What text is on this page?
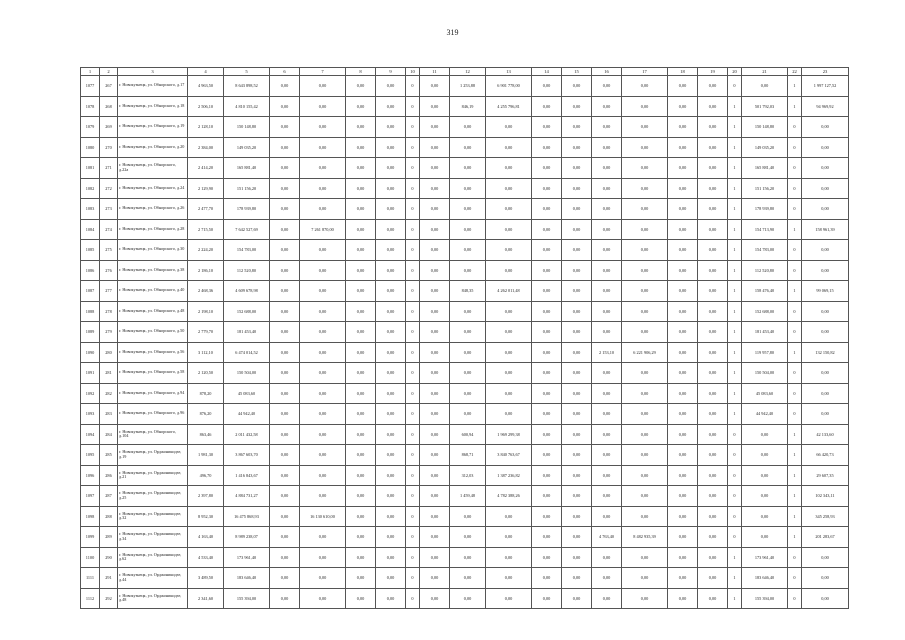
319
1	2	3	4	5	6	7	8	9	10	11	12	13	14	15	16	17	18	19	20	21	22	23
1077	267	г. Новокузнецк, ул. Обнорского, д.17	4 963,50	8 643 898,52	0,00	0,00	0,00	0,00	0	0,00	1 253,88	6 901 778,00	0,00	0,00	0,00	0,00	0,00	0,00	0	0,00	1	1 997 127,52
1078	268	г. Новокузнецк, ул. Обнорского, д.18	2 506,10	4 810 155,42	0,00	0,00	0,00	0,00	0	0,00	846,19	4 255 796,81	0,00	0,00	0,00	0,00	0,00	0,00	1	501 792,03	1	94 969,92
1079	269	г. Новокузнецк, ул. Обнорского, д.19	2 128,10	150 148,80	0,00	0,00	0,00	0,00	0	0,00	0,00	0,00	0,00	0,00	0,00	0,00	0,00	0,00	1	150 148,80	0	0,00
1080	270	г. Новокузнецк, ул. Обнорского, д.20	2 384,00	149 035,20	0,00	0,00	0,00	0,00	0	0,00	0,00	0,00	0,00	0,00	0,00	0,00	0,00	0,00	1	149 035,20	0	0,00
1081	271	г. Новокузнецк, ул. Обнорского, д.22а	2 414,20	165 881,40	0,00	0,00	0,00	0,00	0	0,00	0,00	0,00	0,00	0,00	0,00	0,00	0,00	0,00	1	165 881,40	0	0,00
1082	272	г. Новокузнецк, ул. Обнорского, д.24	2 129,90	151 156,20	0,00	0,00	0,00	0,00	0	0,00	0,00	0,00	0,00	0,00	0,00	0,00	0,00	0,00	1	151 156,20	0	0,00
1083	273	г. Новокузнецк, ул. Обнорского, д.26	2 477,70	178 939,80	0,00	0,00	0,00	0,00	0	0,00	0,00	0,00	0,00	0,00	0,00	0,00	0,00	0,00	1	178 939,80	0	0,00
1084	274	г. Новокузнецк, ул. Обнорского, д.28	2 715,50	7 642 527,69	0,00	7 261 870,00	0,00	0,00	0	0,00	0,00	0,00	0,00	0,00	0,00	0,00	0,00	0,00	1	154 713,90	1	158 961,39
1085	275	г. Новокузнецк, ул. Обнорского, д.30	2 224,20	154 783,00	0,00	0,00	0,00	0,00	0	0,00	0,00	0,00	0,00	0,00	0,00	0,00	0,00	0,00	1	154 783,00	0	0,00
1086	276	г. Новокузнецк, ул. Обнорского, д.38	2 186,10	112 520,80	0,00	0,00	0,00	0,00	0	0,00	0,00	0,00	0,00	0,00	0,00	0,00	0,00	0,00	1	112 520,80	0	0,00
1087	277	г. Новокузнецк, ул. Обнорского, д.40	2 468,36	4 609 678,98	0,00	0,00	0,00	0,00	0	0,00	848,35	4 262 011,48	0,00	0,00	0,00	0,00	0,00	0,00	1	158 476,40	1	99 069,15
1088	278	г. Новокузнецк, ул. Обнорского, д.48	2 198,10	152 688,00	0,00	0,00	0,00	0,00	0	0,00	0,00	0,00	0,00	0,00	0,00	0,00	0,00	0,00	1	152 688,00	0	0,00
1089	279	г. Новокузнецк, ул. Обнорского, д.50	2 779,70	181 453,40	0,00	0,00	0,00	0,00	0	0,00	0,00	0,00	0,00	0,00	0,00	0,00	0,00	0,00	1	181 453,40	0	0,00
1090	280	г. Новокузнецк, ул. Обнорского, д.56	3 112,10	6 474 014,52	0,00	0,00	0,00	0,00	0	0,00	0,00	0,00	0,00	0,00	2 153,10	6 221 906,29	0,00	0,00	1	119 957,80	1	132 150,82
1091	281	г. Новокузнецк, ул. Обнорского, д.58	2 120,50	150 504,00	0,00	0,00	0,00	0,00	0	0,00	0,00	0,00	0,00	0,00	0,00	0,00	0,00	0,00	1	150 504,00	0	0,00
1092	282	г. Новокузнецк, ул. Обнорского, д.94	878,20	45 083,60	0,00	0,00	0,00	0,00	0	0,00	0,00	0,00	0,00	0,00	0,00	0,00	0,00	0,00	1	45 083,60	0	0,00
1093	283	г. Новокузнецк, ул. Обнорского, д.96	876,20	44 942,40	0,00	0,00	0,00	0,00	0	0,00	0,00	0,00	0,00	0,00	0,00	0,00	0,00	0,00	1	44 942,40	0	0,00
1094	284	г. Новокузнецк, ул. Обнорского, д.104	863,46	2 011 432,58	0,00	0,00	0,00	0,00	0	0,00	600,94	1 969 299,38	0,00	0,00	0,00	0,00	0,00	0,00	0	0,00	1	42 133,60
1095	285	г. Новокузнецк, ул. Орджоникидзе, д.19	1 981,30	3 867 603,70	0,00	0,00	0,00	0,00	0	0,00	868,71	3 840 763,67	0,00	0,00	0,00	0,00	0,00	0,00	0	0,00	1	66 420,73
1096	286	г. Новокузнецк, ул. Орджоникидзе, д.21	496,70	1 416 843,67	0,00	0,00	0,00	0,00	0	0,00	312,03	1 387 236,82	0,00	0,00	0,00	0,00	0,00	0,00	0	0,00	1	29 607,35
1097	287	г. Новокузнецк, ул. Орджоникидзе, д.25	2 397,80	4 884 731,27	0,00	0,00	0,00	0,00	0	0,00	1 459,48	4 782 388,26	0,00	0,00	0,00	0,00	0,00	0,00	0	0,00	1	102 343,11
1098	288	г. Новокузнецк, ул. Орджоникидзе, д.32	8 952,30	16 475 868,93	0,00	16 130 610,00	0,00	0,00	0	0,00	0,00	0,00	0,00	0,00	0,00	0,00	0,00	0,00	0	0,00	1	345 258,93
1099	289	г. Новокузнецк, ул. Орджоникидзе, д.34	4 163,40	8 989 238,07	0,00	0,00	0,00	0,00	0	0,00	0,00	0,00	0,00	0,00	4 763,40	8 482 935,39	0,00	0,00	0	0,00	1	201 283,67
1100	290	г. Новокузнецк, ул. Орджоникидзе, д.62	4 533,40	173 961,40	0,00	0,00	0,00	0,00	0	0,00	0,00	0,00	0,00	0,00	0,00	0,00	0,00	0,00	1	173 961,40	0	0,00
1111	291	г. Новокузнецк, ул. Орджоникидзе, д.44	3 489,50	183 646,40	0,00	0,00	0,00	0,00	0	0,00	0,00	0,00	0,00	0,00	0,00	0,00	0,00	0,00	1	183 646,40	0	0,00
1112	292	г. Новокузнецк, ул. Орджоникидзе, д.48	2 341,60	155 394,00	0,00	0,00	0,00	0,00	0	0,00	0,00	0,00	0,00	0,00	0,00	0,00	0,00	0,00	1	155 394,00	0	0,00
